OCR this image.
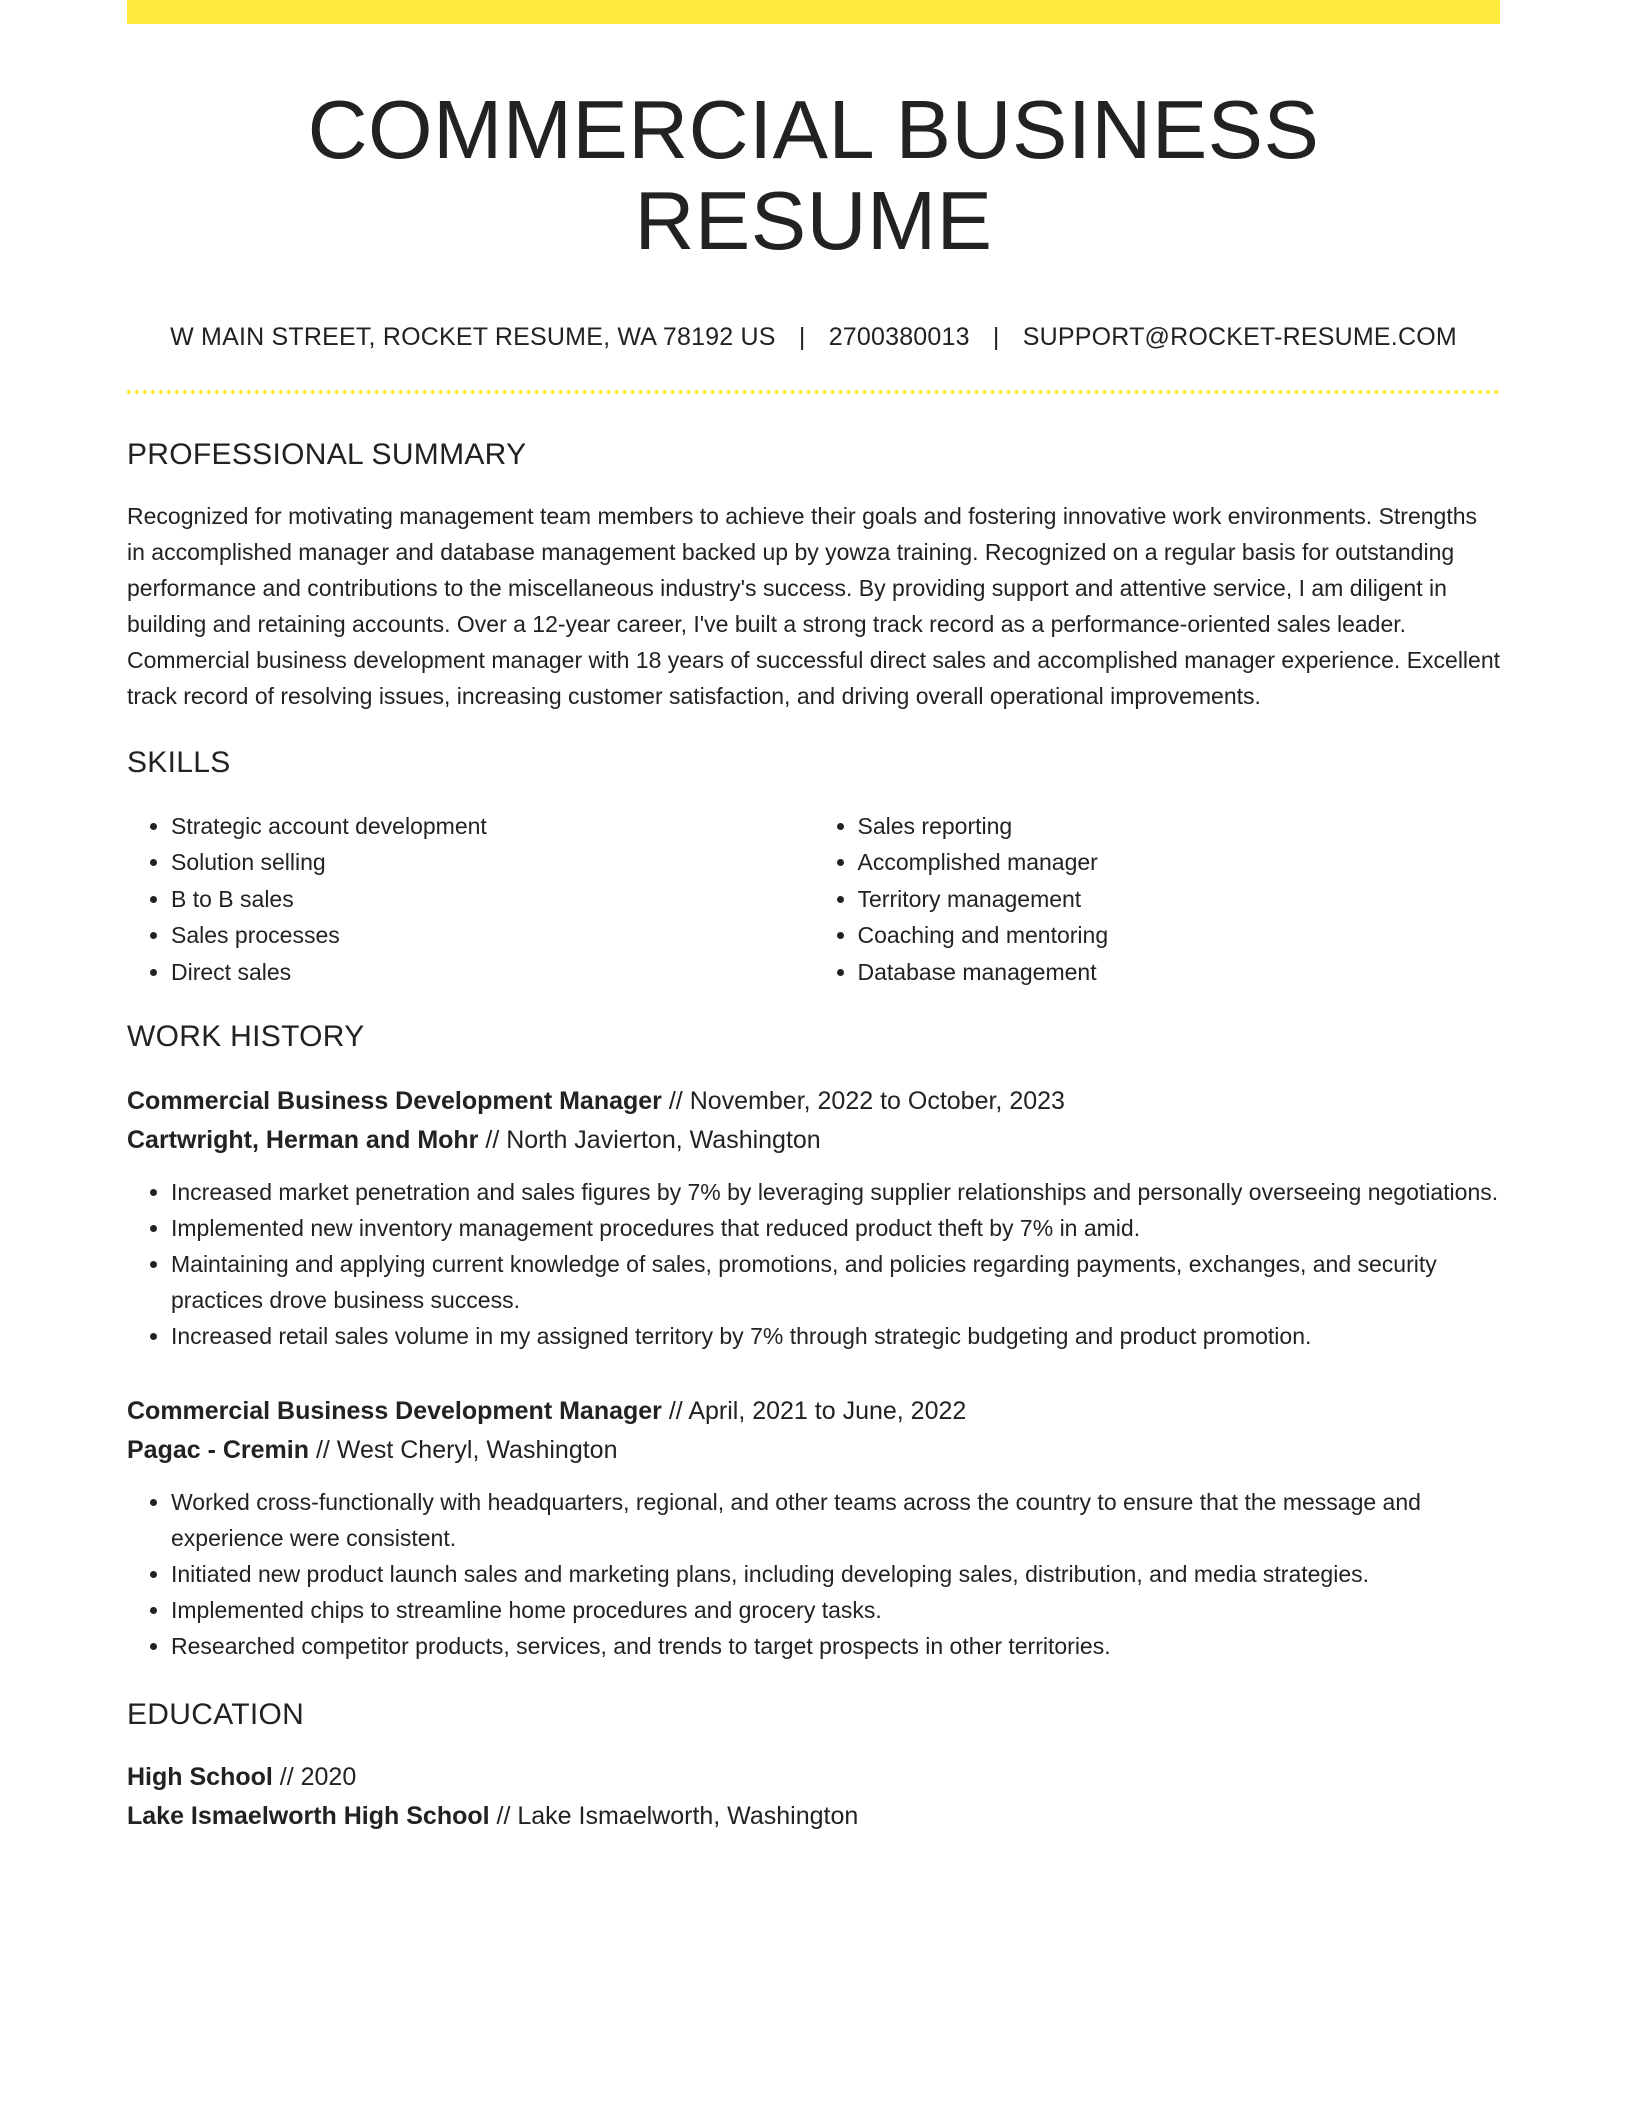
COMMERCIAL BUSINESS RESUME
W MAIN STREET, ROCKET RESUME, WA 78192 US | 2700380013 | SUPPORT@ROCKET-RESUME.COM
PROFESSIONAL SUMMARY
Recognized for motivating management team members to achieve their goals and fostering innovative work environments. Strengths in accomplished manager and database management backed up by yowza training. Recognized on a regular basis for outstanding performance and contributions to the miscellaneous industry's success. By providing support and attentive service, I am diligent in building and retaining accounts. Over a 12-year career, I've built a strong track record as a performance-oriented sales leader. Commercial business development manager with 18 years of successful direct sales and accomplished manager experience. Excellent track record of resolving issues, increasing customer satisfaction, and driving overall operational improvements.
SKILLS
• Strategic account development
• Solution selling
• B to B sales
• Sales processes
• Direct sales
• Sales reporting
• Accomplished manager
• Territory management
• Coaching and mentoring
• Database management
WORK HISTORY
Commercial Business Development Manager // November, 2022 to October, 2023
Cartwright, Herman and Mohr // North Javierton, Washington
• Increased market penetration and sales figures by 7% by leveraging supplier relationships and personally overseeing negotiations.
• Implemented new inventory management procedures that reduced product theft by 7% in amid.
• Maintaining and applying current knowledge of sales, promotions, and policies regarding payments, exchanges, and security practices drove business success.
• Increased retail sales volume in my assigned territory by 7% through strategic budgeting and product promotion.
Commercial Business Development Manager // April, 2021 to June, 2022
Pagac - Cremin // West Cheryl, Washington
• Worked cross-functionally with headquarters, regional, and other teams across the country to ensure that the message and experience were consistent.
• Initiated new product launch sales and marketing plans, including developing sales, distribution, and media strategies.
• Implemented chips to streamline home procedures and grocery tasks.
• Researched competitor products, services, and trends to target prospects in other territories.
EDUCATION
High School // 2020
Lake Ismaelworth High School // Lake Ismaelworth, Washington
